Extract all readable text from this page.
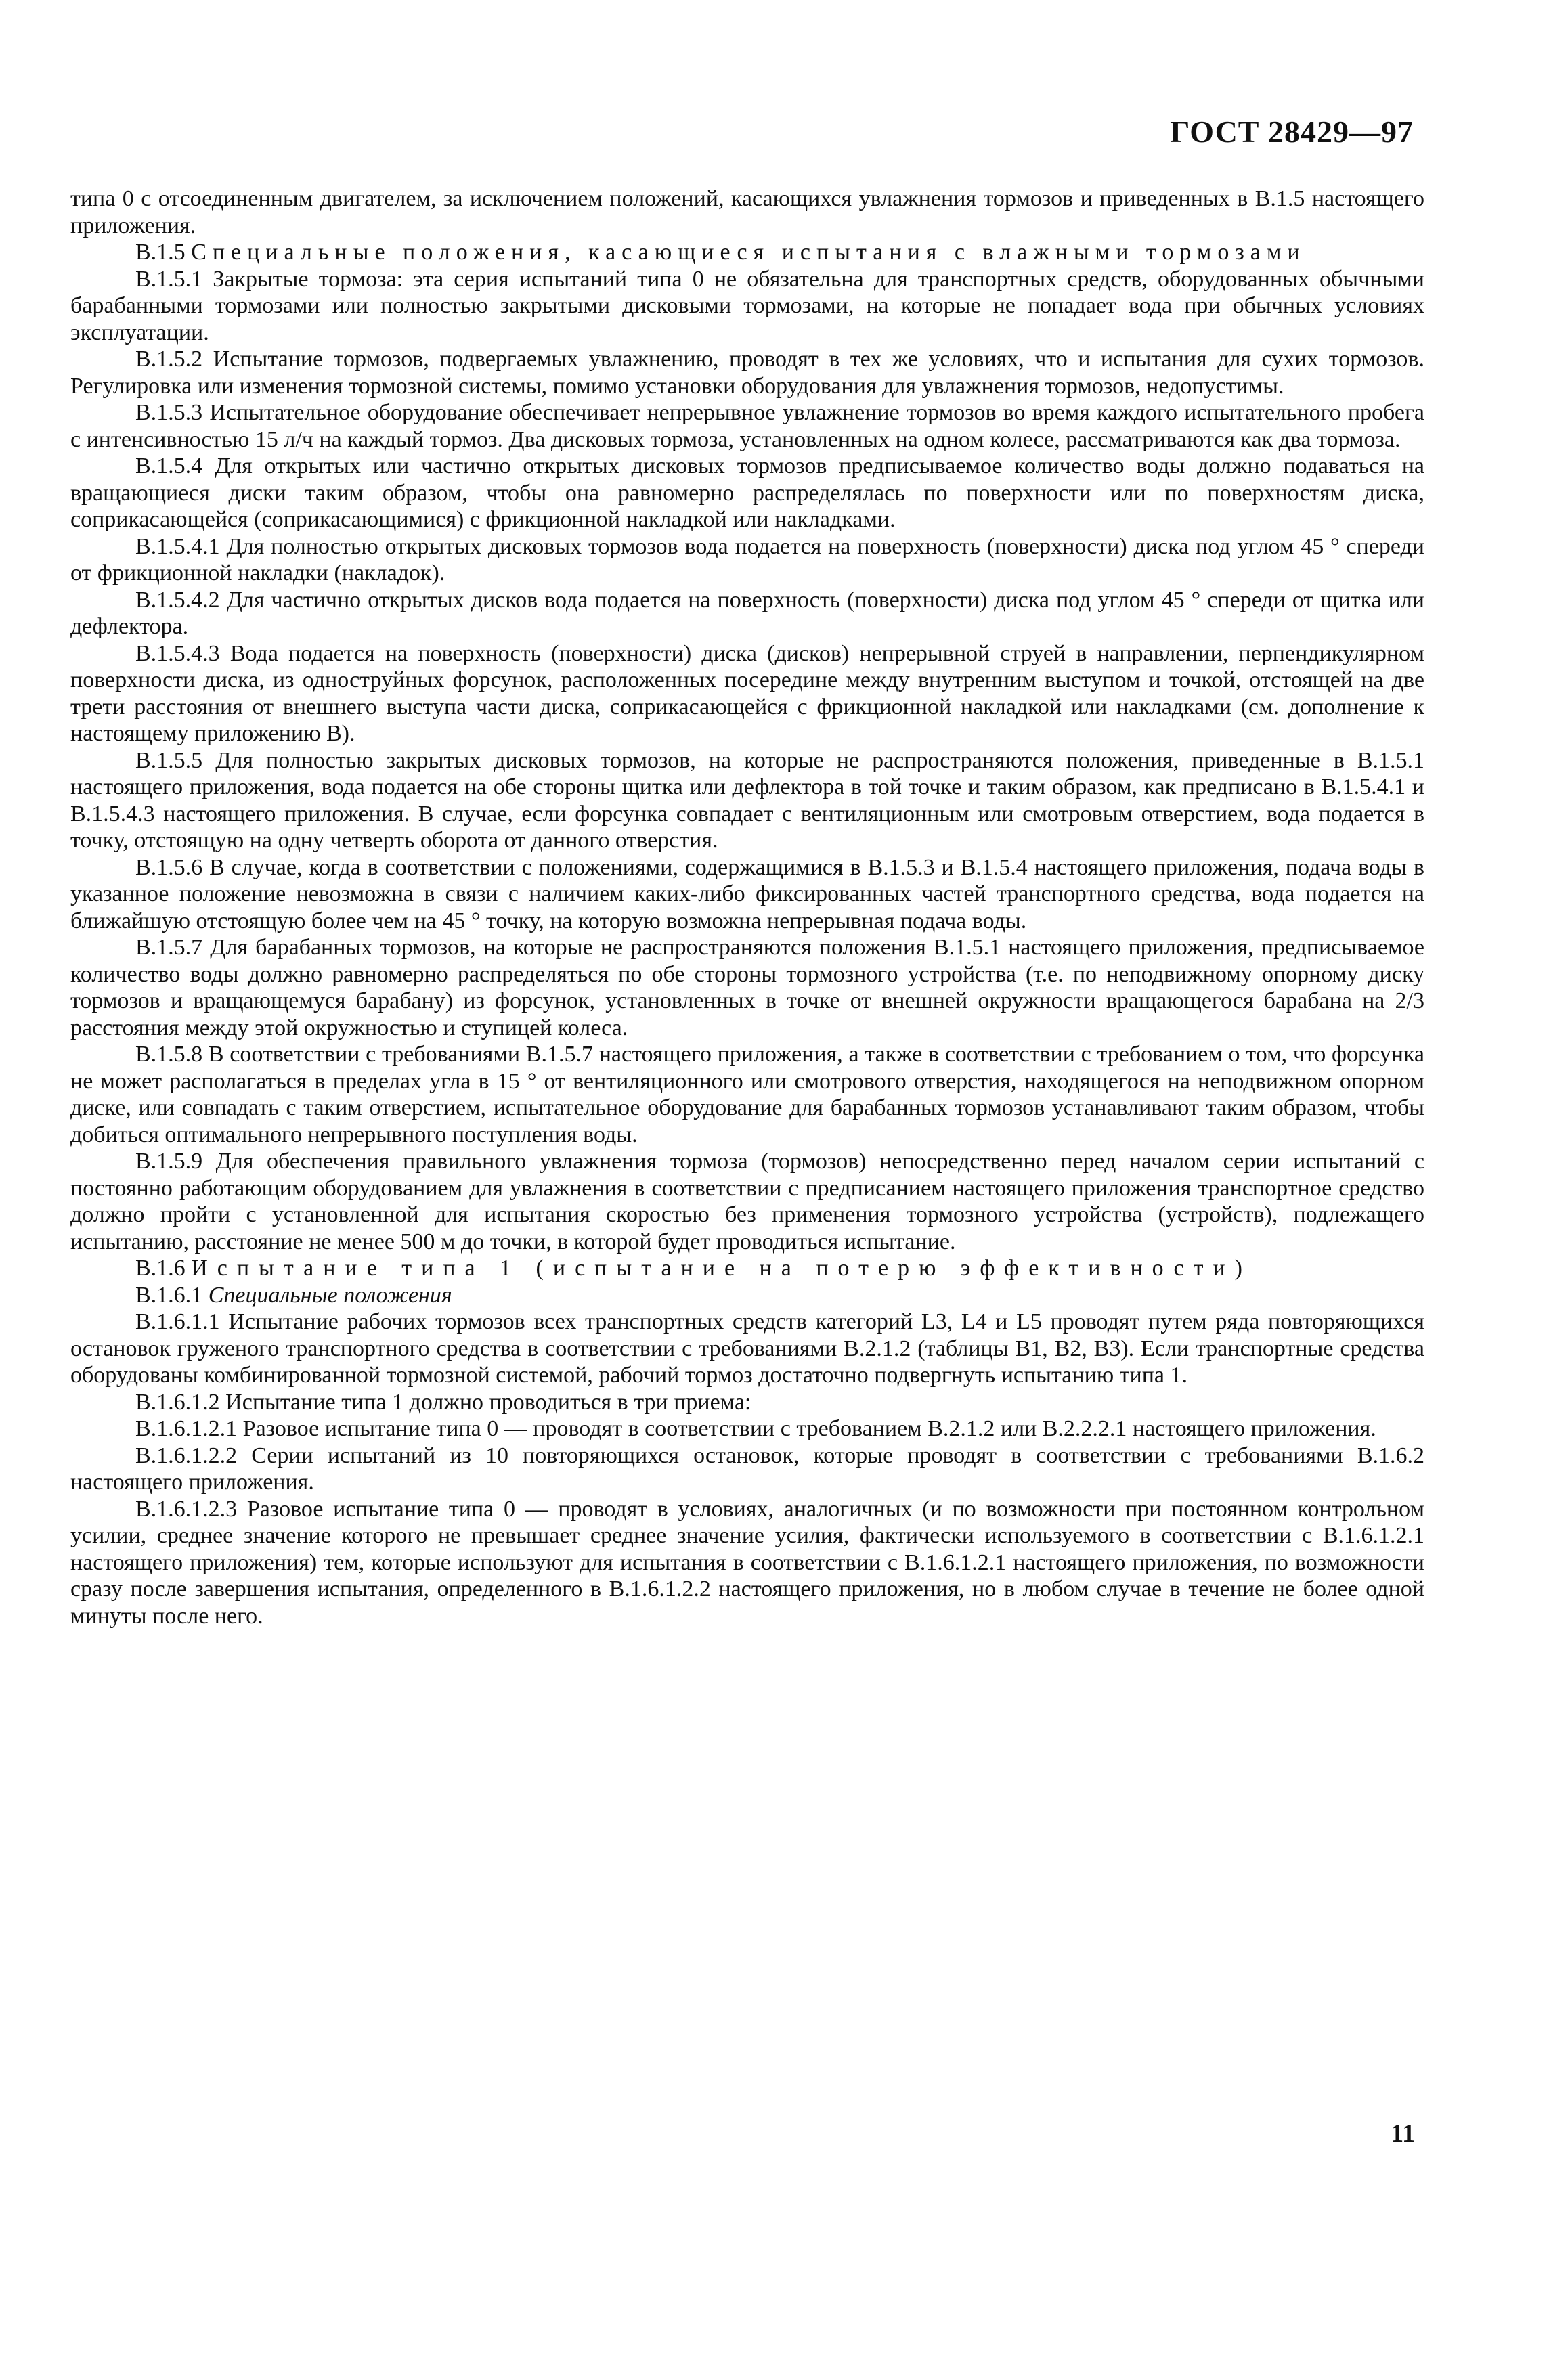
ГОСТ 28429—97

типа 0 с отсоединенным двигателем, за исключением положений, касающихся увлажнения тормозов и приведенных в В.1.5 настоящего приложения.

В.1.5 Специальные положения, касающиеся испытания с влажными тормозами

В.1.5.1 Закрытые тормоза: эта серия испытаний типа 0 не обязательна для транспортных средств, оборудованных обычными барабанными тормозами или полностью закрытыми дисковыми тормозами, на которые не попадает вода при обычных условиях эксплуатации.

В.1.5.2 Испытание тормозов, подвергаемых увлажнению, проводят в тех же условиях, что и испытания для сухих тормозов. Регулировка или изменения тормозной системы, помимо установки оборудования для увлажнения тормозов, недопустимы.

В.1.5.3 Испытательное оборудование обеспечивает непрерывное увлажнение тормозов во время каждого испытательного пробега с интенсивностью 15 л/ч на каждый тормоз. Два дисковых тормоза, установленных на одном колесе, рассматриваются как два тормоза.

В.1.5.4 Для открытых или частично открытых дисковых тормозов предписываемое количество воды должно подаваться на вращающиеся диски таким образом, чтобы она равномерно распределялась по поверхности или по поверхностям диска, соприкасающейся (соприкасающимися) с фрикционной накладкой или накладками.

В.1.5.4.1 Для полностью открытых дисковых тормозов вода подается на поверхность (поверхности) диска под углом 45 ° спереди от фрикционной накладки (накладок).

В.1.5.4.2 Для частично открытых дисков вода подается на поверхность (поверхности) диска под углом 45 ° спереди от щитка или дефлектора.

В.1.5.4.3 Вода подается на поверхность (поверхности) диска (дисков) непрерывной струей в направлении, перпендикулярном поверхности диска, из одноструйных форсунок, расположенных посередине между внутренним выступом и точкой, отстоящей на две трети расстояния от внешнего выступа части диска, соприкасающейся с фрикционной накладкой или накладками (см. дополнение к настоящему приложению В).

В.1.5.5 Для полностью закрытых дисковых тормозов, на которые не распространяются положения, приведенные в В.1.5.1 настоящего приложения, вода подается на обе стороны щитка или дефлектора в той точке и таким образом, как предписано в В.1.5.4.1 и В.1.5.4.3 настоящего приложения. В случае, если форсунка совпадает с вентиляционным или смотровым отверстием, вода подается в точку, отстоящую на одну четверть оборота от данного отверстия.

В.1.5.6 В случае, когда в соответствии с положениями, содержащимися в В.1.5.3 и В.1.5.4 настоящего приложения, подача воды в указанное положение невозможна в связи с наличием каких-либо фиксированных частей транспортного средства, вода подается на ближайшую отстоящую более чем на 45 ° точку, на которую возможна непрерывная подача воды.

В.1.5.7 Для барабанных тормозов, на которые не распространяются положения В.1.5.1 настоящего приложения, предписываемое количество воды должно равномерно распределяться по обе стороны тормозного устройства (т.е. по неподвижному опорному диску тормозов и вращающемуся барабану) из форсунок, установленных в точке от внешней окружности вращающегося барабана на 2/3 расстояния между этой окружностью и ступицей колеса.

В.1.5.8 В соответствии с требованиями В.1.5.7 настоящего приложения, а также в соответствии с требованием о том, что форсунка не может располагаться в пределах угла в 15 ° от вентиляционного или смотрового отверстия, находящегося на неподвижном опорном диске, или совпадать с таким отверстием, испытательное оборудование для барабанных тормозов устанавливают таким образом, чтобы добиться оптимального непрерывного поступления воды.

В.1.5.9 Для обеспечения правильного увлажнения тормоза (тормозов) непосредственно перед началом серии испытаний с постоянно работающим оборудованием для увлажнения в соответствии с предписанием настоящего приложения транспортное средство должно пройти с установленной для испытания скоростью без применения тормозного устройства (устройств), подлежащего испытанию, расстояние не менее 500 м до точки, в которой будет проводиться испытание.

В.1.6 Испытание типа 1 (испытание на потерю эффективности)

В.1.6.1 Специальные положения

В.1.6.1.1 Испытание рабочих тормозов всех транспортных средств категорий L3, L4 и L5 проводят путем ряда повторяющихся остановок груженого транспортного средства в соответствии с требованиями В.2.1.2 (таблицы В1, В2, В3). Если транспортные средства оборудованы комбинированной тормозной системой, рабочий тормоз достаточно подвергнуть испытанию типа 1.

В.1.6.1.2 Испытание типа 1 должно проводиться в три приема:

В.1.6.1.2.1 Разовое испытание типа 0 — проводят в соответствии с требованием В.2.1.2 или В.2.2.2.1 настоящего приложения.

В.1.6.1.2.2 Серии испытаний из 10 повторяющихся остановок, которые проводят в соответствии с требованиями В.1.6.2 настоящего приложения.

В.1.6.1.2.3 Разовое испытание типа 0 — проводят в условиях, аналогичных (и по возможности при постоянном контрольном усилии, среднее значение которого не превышает среднее значение усилия, фактически используемого в соответствии с В.1.6.1.2.1 настоящего приложения) тем, которые используют для испытания в соответствии с В.1.6.1.2.1 настоящего приложения, по возможности сразу после завершения испытания, определенного в В.1.6.1.2.2 настоящего приложения, но в любом случае в течение не более одной минуты после него.

11
